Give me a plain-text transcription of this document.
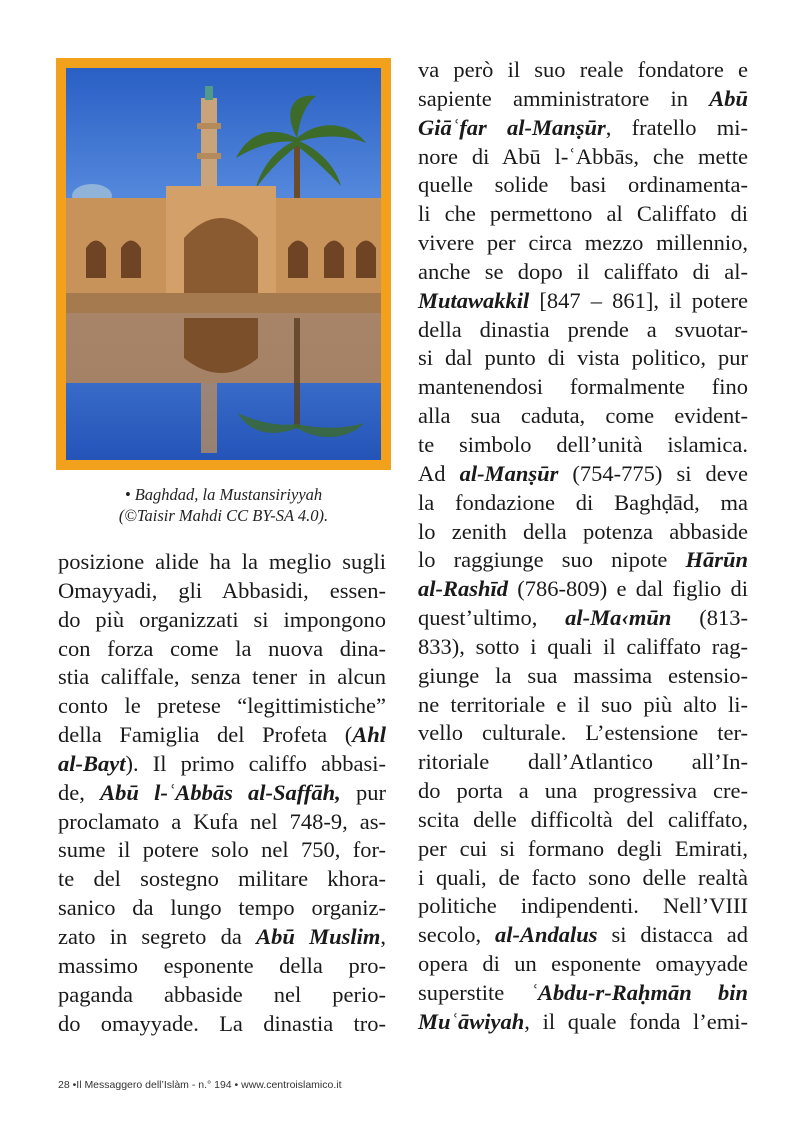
• Baghdad, la Mustansiriyyah
(©Taisir Mahdi CC BY-SA 4.0).
posizione alide ha la meglio sugli
Omayyadi, gli Abbasidi, essen-
do più organizzati si impongono
con forza come la nuova dina-
stia califfale, senza tener in alcun
conto le pretese “legittimistiche”
della Famiglia del Profeta (Ahl
al-Bayt). Il primo califfo abbasi-
de, Abū l-ʿAbbās al-Saffāh, pur
proclamato a Kufa nel 748-9, as-
sume il potere solo nel 750, for-
te del sostegno militare khora-
sanico da lungo tempo organiz-
zato in segreto da Abū Muslim,
massimo esponente della pro-
paganda abbaside nel perio-
do omayyade. La dinastia tro-
va però il suo reale fondatore e
sapiente amministratore in Abū
Giāʿfar al-Manṣūr, fratello mi-
nore di Abū l-ʿAbbās, che mette
quelle solide basi ordinamenta-
li che permettono al Califfato di
vivere per circa mezzo millennio,
anche se dopo il califfato di al-
Mutawakkil [847 – 861], il potere
della dinastia prende a svuotar-
si dal punto di vista politico, pur
mantenendosi formalmente fino
alla sua caduta, come evident-
te simbolo dell’unità islamica.
Ad al-Manṣūr (754-775) si deve
la fondazione di Baghḍād, ma
lo zenith della potenza abbaside
lo raggiunge suo nipote Hārūn
al-Rashīd (786-809) e dal figlio di
quest’ultimo, al-Ma‹mūn (813-
833), sotto i quali il califfato rag-
giunge la sua massima estensio-
ne territoriale e il suo più alto li-
vello culturale. L’estensione ter-
ritoriale dall’Atlantico all’In-
do porta a una progressiva cre-
scita delle difficoltà del califfato,
per cui si formano degli Emirati,
i quali, de facto sono delle realtà
politiche indipendenti. Nell’VIII
secolo, al-Andalus si distacca ad
opera di un esponente omayyade
superstite ʿAbdu-r-Raḥmān bin
Muʿāwiyah, il quale fonda l’emi-
28 •Il Messaggero dell’Islàm - n.° 194 • www.centroislamico.it
